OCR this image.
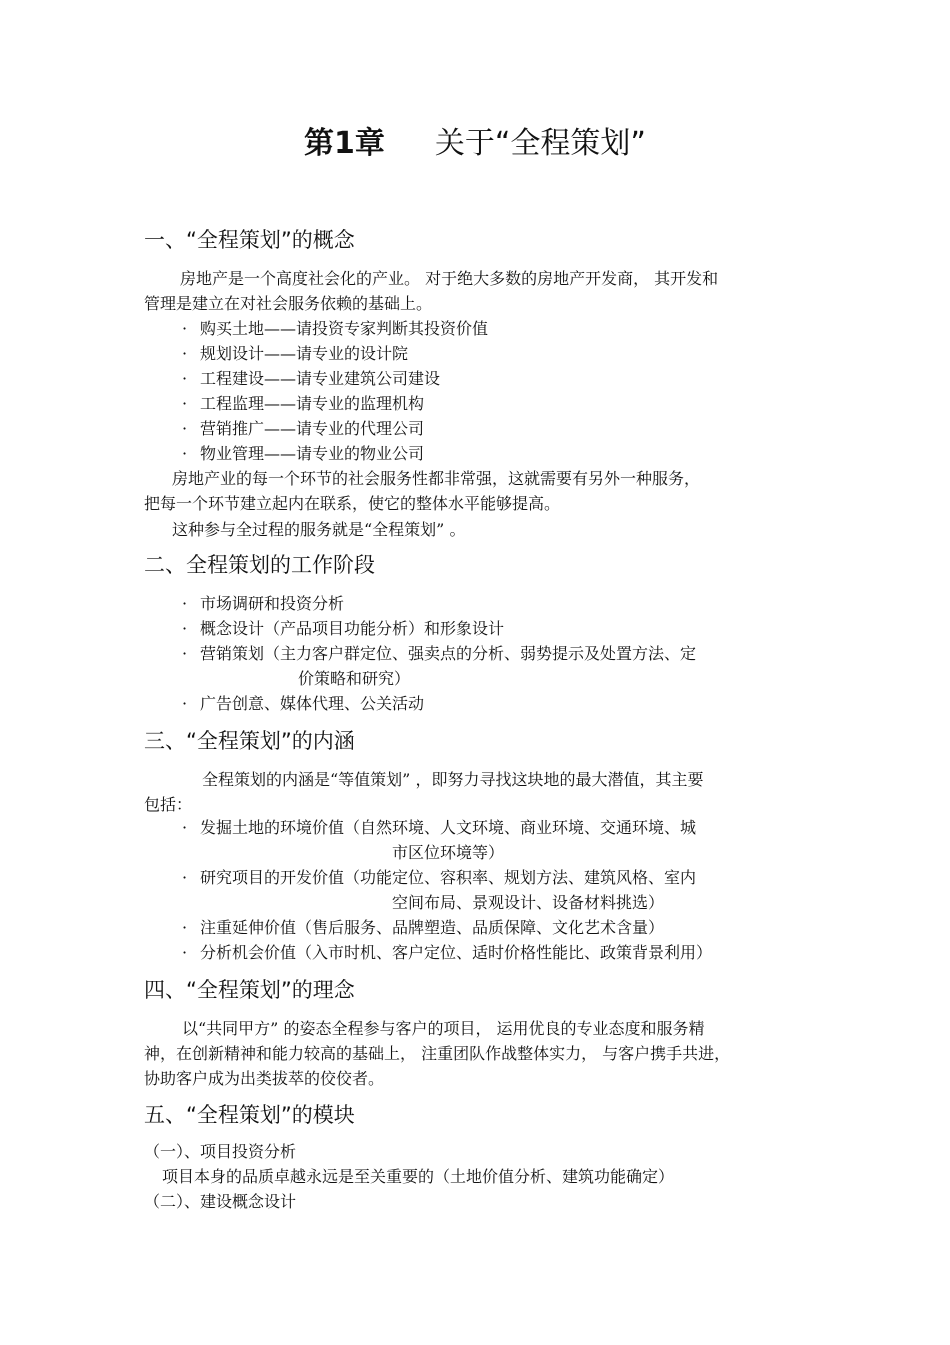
第1章 关于“全程策划”
一、“全程策划”的概念
房地产是一个高度社会化的产业。 对于绝大多数的房地产开发商， 其开发和
管理是建立在对社会服务依赖的基础上。
· 购买土地——请投资专家判断其投资价值
· 规划设计——请专业的设计院
· 工程建设——请专业建筑公司建设
· 工程监理——请专业的监理机构
· 营销推广——请专业的代理公司
· 物业管理——请专业的物业公司
房地产业的每一个环节的社会服务性都非常强，这就需要有另外一种服务，
把每一个环节建立起内在联系，使它的整体水平能够提高。
这种参与全过程的服务就是“全程策划” 。
二、全程策划的工作阶段
· 市场调研和投资分析
· 概念设计（产品项目功能分析）和形象设计
· 营销策划（主力客户群定位、强卖点的分析、弱势提示及处置方法、定
价策略和研究）
· 广告创意、媒体代理、公关活动
三、“全程策划”的内涵
全程策划的内涵是“等值策划” ，即努力寻找这块地的最大潜值，其主要
包括：
· 发掘土地的环境价值（自然环境、人文环境、商业环境、交通环境、城
市区位环境等）
· 研究项目的开发价值（功能定位、容积率、规划方法、建筑风格、室内
空间布局、景观设计、设备材料挑选）
· 注重延伸价值（售后服务、品牌塑造、品质保障、文化艺术含量）
· 分析机会价值（入市时机、客户定位、适时价格性能比、政策背景利用）
四、“全程策划”的理念
以“共同甲方” 的姿态全程参与客户的项目， 运用优良的专业态度和服务精
神，在创新精神和能力较高的基础上， 注重团队作战整体实力， 与客户携手共进，
协助客户成为出类拔萃的佼佼者。
五、“全程策划”的模块
（一）、项目投资分析
项目本身的品质卓越永远是至关重要的（土地价值分析、建筑功能确定）
（二）、建设概念设计
